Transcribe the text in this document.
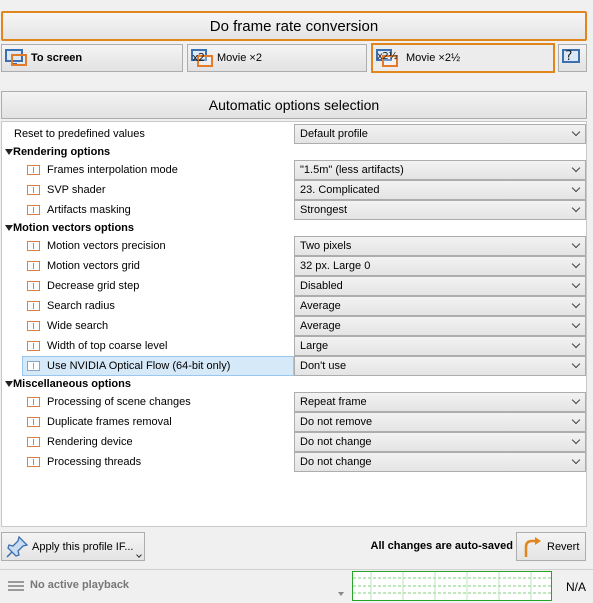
Do frame rate conversion
To screen	x2 Movie ×2	x2½ Movie ×2½	?
Automatic options selection
Reset to predefined values	Default profile
Rendering options
Frames interpolation mode	"1.5m" (less artifacts)
SVP shader	23. Complicated
Artifacts masking	Strongest
Motion vectors options
Motion vectors precision	Two pixels
Motion vectors grid	32 px. Large 0
Decrease grid step	Disabled
Search radius	Average
Wide search	Average
Width of top coarse level	Large
Use NVIDIA Optical Flow (64-bit only)	Don't use
Miscellaneous options
Processing of scene changes	Repeat frame
Duplicate frames removal	Do not remove
Rendering device	Do not change
Processing threads	Do not change
Apply this profile IF...	All changes are auto-saved	Revert
No active playback	N/A
